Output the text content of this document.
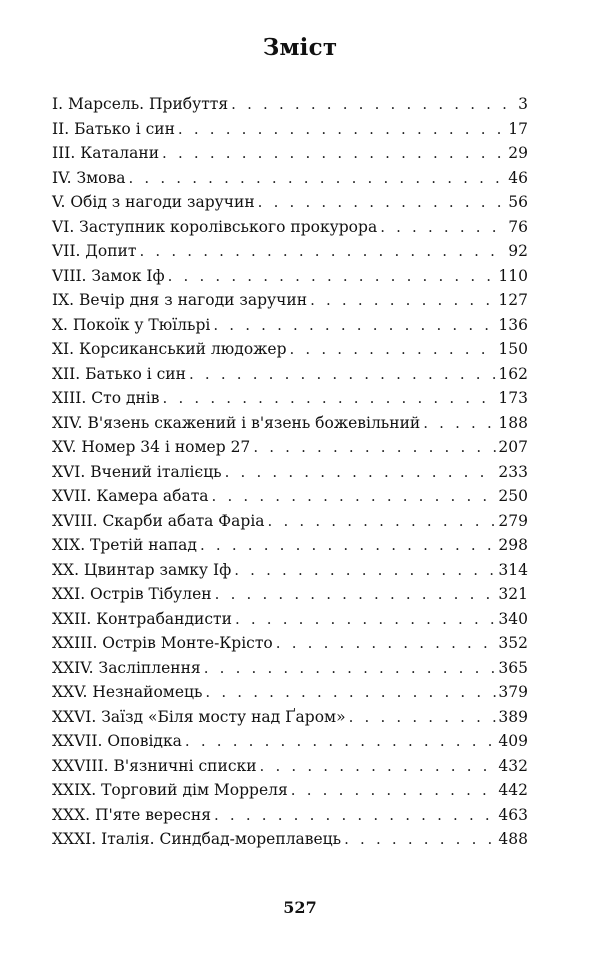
Зміст
I. Марсель. Прибуття . . .	3
II. Батько і син . . .	17
III. Каталани . . .	29
IV. Змова . . .	46
V. Обід з нагоди заручин . . .	56
VI. Заступник королівського прокурора . . .	76
VII. Допит . . .	92
VIII. Замок Іф . . .	110
IX. Вечір дня з нагоди заручин . . .	127
X. Покоїк у Тюїльрі . . .	136
XI. Корсиканський людожер . . .	150
XII. Батько і син . . .	162
XIII. Сто днів . . .	173
XIV. В'язень скажений і в'язень божевільний . . .	188
XV. Номер 34 і номер 27 . . .	207
XVI. Вчений італієць . . .	233
XVII. Камера абата . . .	250
XVIII. Скарби абата Фаріа . . .	279
XIX. Третій напад . . .	298
XX. Цвинтар замку Іф . . .	314
XXI. Острів Тібулен . . .	321
XXII. Контрабандисти . . .	340
XXIII. Острів Монте-Крісто . . .	352
XXIV. Засліплення . . .	365
XXV. Незнайомець . . .	379
XXVI. Заїзд «Біля мосту над Ґаром» . . .	389
XXVII. Оповідка . . .	409
XXVIII. В'язничні списки . . .	432
XXIX. Торговий дім Морреля . . .	442
XXX. П'яте вересня . . .	463
XXXI. Італія. Синдбад-мореплавець . . .	488
527
